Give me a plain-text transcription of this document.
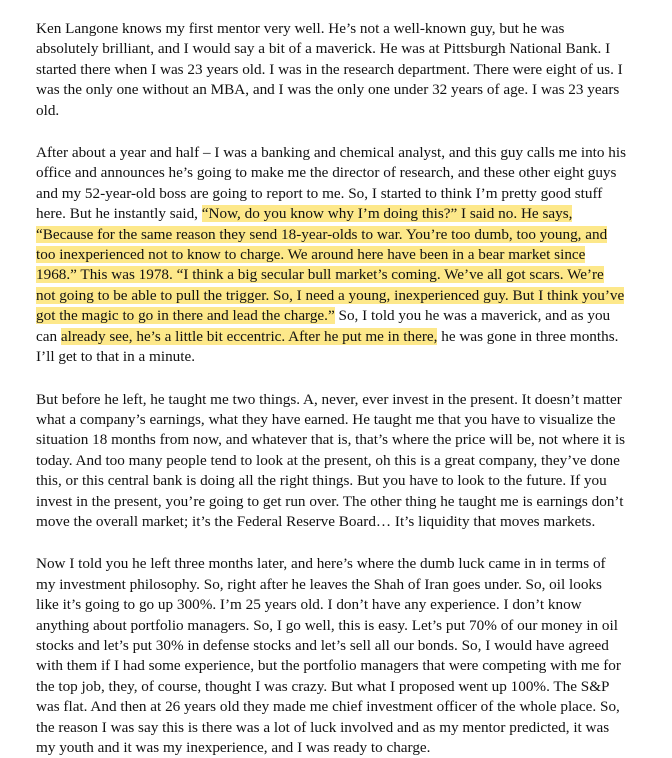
Ken Langone knows my first mentor very well. He’s not a well-known guy, but he was
absolutely brilliant, and I would say a bit of a maverick. He was at Pittsburgh National Bank. I
started there when I was 23 years old. I was in the research department. There were eight of us. I
was the only one without an MBA, and I was the only one under 32 years of age. I was 23 years
old.

After about a year and half – I was a banking and chemical analyst, and this guy calls me into his
office and announces he’s going to make me the director of research, and these other eight guys
and my 52-year-old boss are going to report to me. So, I started to think I’m pretty good stuff
here. But he instantly said, “Now, do you know why I’m doing this?” I said no. He says,
“Because for the same reason they send 18-year-olds to war. You’re too dumb, too young, and
too inexperienced not to know to charge. We around here have been in a bear market since
1968.” This was 1978. “I think a big secular bull market’s coming. We’ve all got scars. We’re
not going to be able to pull the trigger. So, I need a young, inexperienced guy. But I think you’ve
got the magic to go in there and lead the charge.” So, I told you he was a maverick, and as you
can already see, he’s a little bit eccentric. After he put me in there, he was gone in three months.
I’ll get to that in a minute.

But before he left, he taught me two things. A, never, ever invest in the present. It doesn’t matter
what a company’s earnings, what they have earned. He taught me that you have to visualize the
situation 18 months from now, and whatever that is, that’s where the price will be, not where it is
today. And too many people tend to look at the present, oh this is a great company, they’ve done
this, or this central bank is doing all the right things. But you have to look to the future. If you
invest in the present, you’re going to get run over. The other thing he taught me is earnings don’t
move the overall market; it’s the Federal Reserve Board… It’s liquidity that moves markets.

Now I told you he left three months later, and here’s where the dumb luck came in in terms of
my investment philosophy. So, right after he leaves the Shah of Iran goes under. So, oil looks
like it’s going to go up 300%. I’m 25 years old. I don’t have any experience. I don’t know
anything about portfolio managers. So, I go well, this is easy. Let’s put 70% of our money in oil
stocks and let’s put 30% in defense stocks and let’s sell all our bonds. So, I would have agreed
with them if I had some experience, but the portfolio managers that were competing with me for
the top job, they, of course, thought I was crazy. But what I proposed went up 100%. The S&P
was flat. And then at 26 years old they made me chief investment officer of the whole place. So,
the reason I was say this is there was a lot of luck involved and as my mentor predicted, it was
my youth and it was my inexperience, and I was ready to charge.
